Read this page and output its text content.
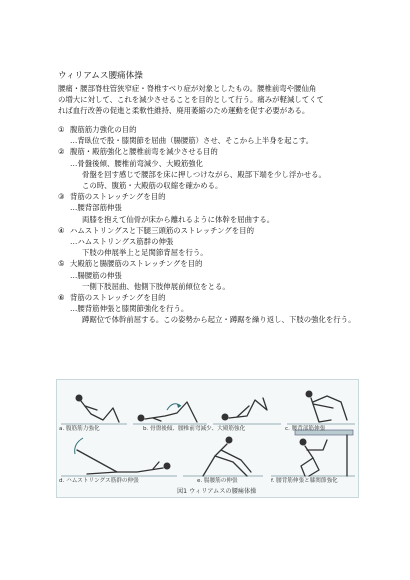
ウィリアムス腰痛体操
腰痛・腰部脊柱管狭窄症・脊椎すべり症が対象としたもの。腰椎前弯や腰仙角
の増大に対して、これを減少させることを目的として行う。痛みが軽減してくて
れば血行改善の促進と柔軟性維持、廃用萎縮のため運動を促す必要がある。
① 腹筋筋力強化の目的
…背臥位で股・膝関節を屈曲（腸腰筋）させ、そこから上半身を起こす。
② 腹筋・殿筋強化と腰椎前弯を減少させる目的
…骨盤後傾、腰椎前弯減少、大殿筋強化
骨盤を回す感じで腰部を床に押しつけながら、殿部下端を少し浮かせる。
この時、腹筋・大殿筋の収縮を確かめる。
③ 背筋のストレッチングを目的
…腰背部筋伸張
両膝を抱えて仙骨が床から離れるように体幹を屈曲する。
④ ハムストリングスと下腿三頭筋のストレッチングを目的
…ハムストリングス筋群の伸張
下肢の伸展挙上と足関節背屈を行う。
⑤ 大殿筋と腸腰筋のストレッチングを目的
…腸腰筋の伸張
一側下肢屈曲、他側下肢伸展前傾位をとる。
⑥ 背筋のストレッチングを目的
…腰背筋伸張と膝関節強化を行う。
蹲踞位で体幹前屈する。この姿勢から起立・蹲踞を繰り返し、下肢の強化を行う。
a. 腹筋筋力強化	b. 骨盤後傾、腰椎前弯減少、大殿筋強化	c. 腰背部筋伸張
d. ハムストリングス筋群の伸張	e. 腸腰筋の伸張	f. 腰背筋伸張と膝関節強化
図1 ウィリアムスの腰痛体操
